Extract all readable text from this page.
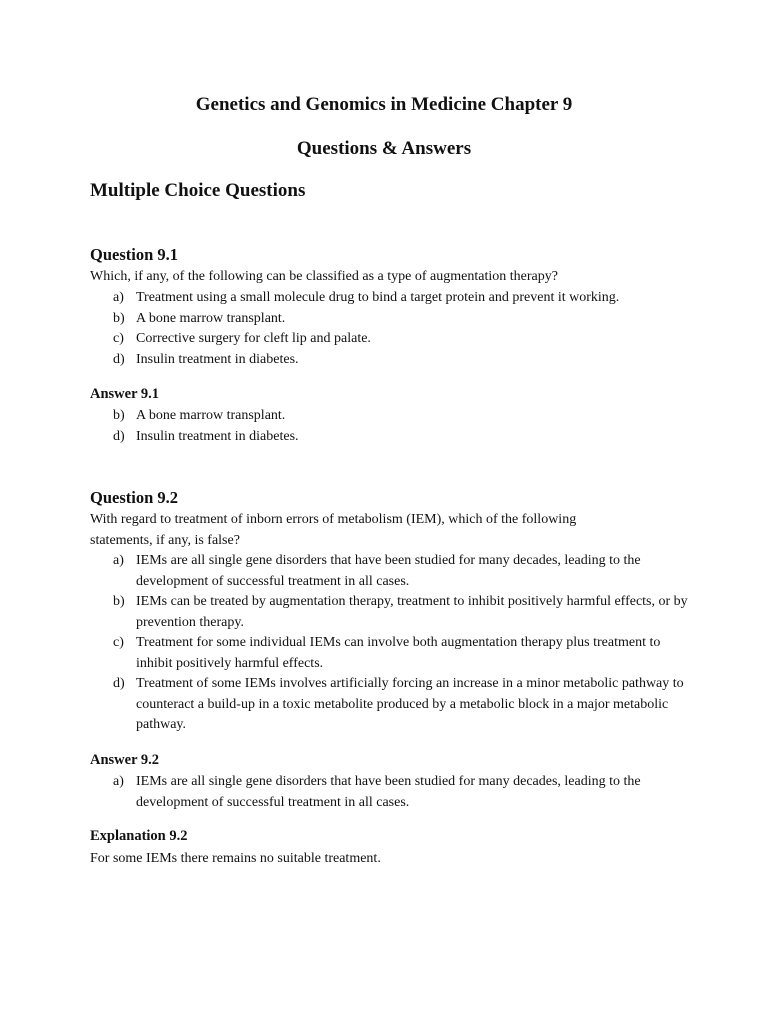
Genetics and Genomics in Medicine Chapter 9
Questions & Answers
Multiple Choice Questions
Question 9.1

Which, if any, of the following can be classified as a type of augmentation therapy?

a) Treatment using a small molecule drug to bind a target protein and prevent it working.
b) A bone marrow transplant.
c) Corrective surgery for cleft lip and palate.
d) Insulin treatment in diabetes.
Answer 9.1
b) A bone marrow transplant.
d) Insulin treatment in diabetes.
Question 9.2

With regard to treatment of inborn errors of metabolism (IEM), which of the following statements, if any, is false?

a) IEMs are all single gene disorders that have been studied for many decades, leading to the development of successful treatment in all cases.
b) IEMs can be treated by augmentation therapy, treatment to inhibit positively harmful effects, or by prevention therapy.
c) Treatment for some individual IEMs can involve both augmentation therapy plus treatment to inhibit positively harmful effects.
d) Treatment of some IEMs involves artificially forcing an increase in a minor metabolic pathway to counteract a build-up in a toxic metabolite produced by a metabolic block in a major metabolic pathway.
Answer 9.2
a) IEMs are all single gene disorders that have been studied for many decades, leading to the development of successful treatment in all cases.
Explanation 9.2

For some IEMs there remains no suitable treatment.
